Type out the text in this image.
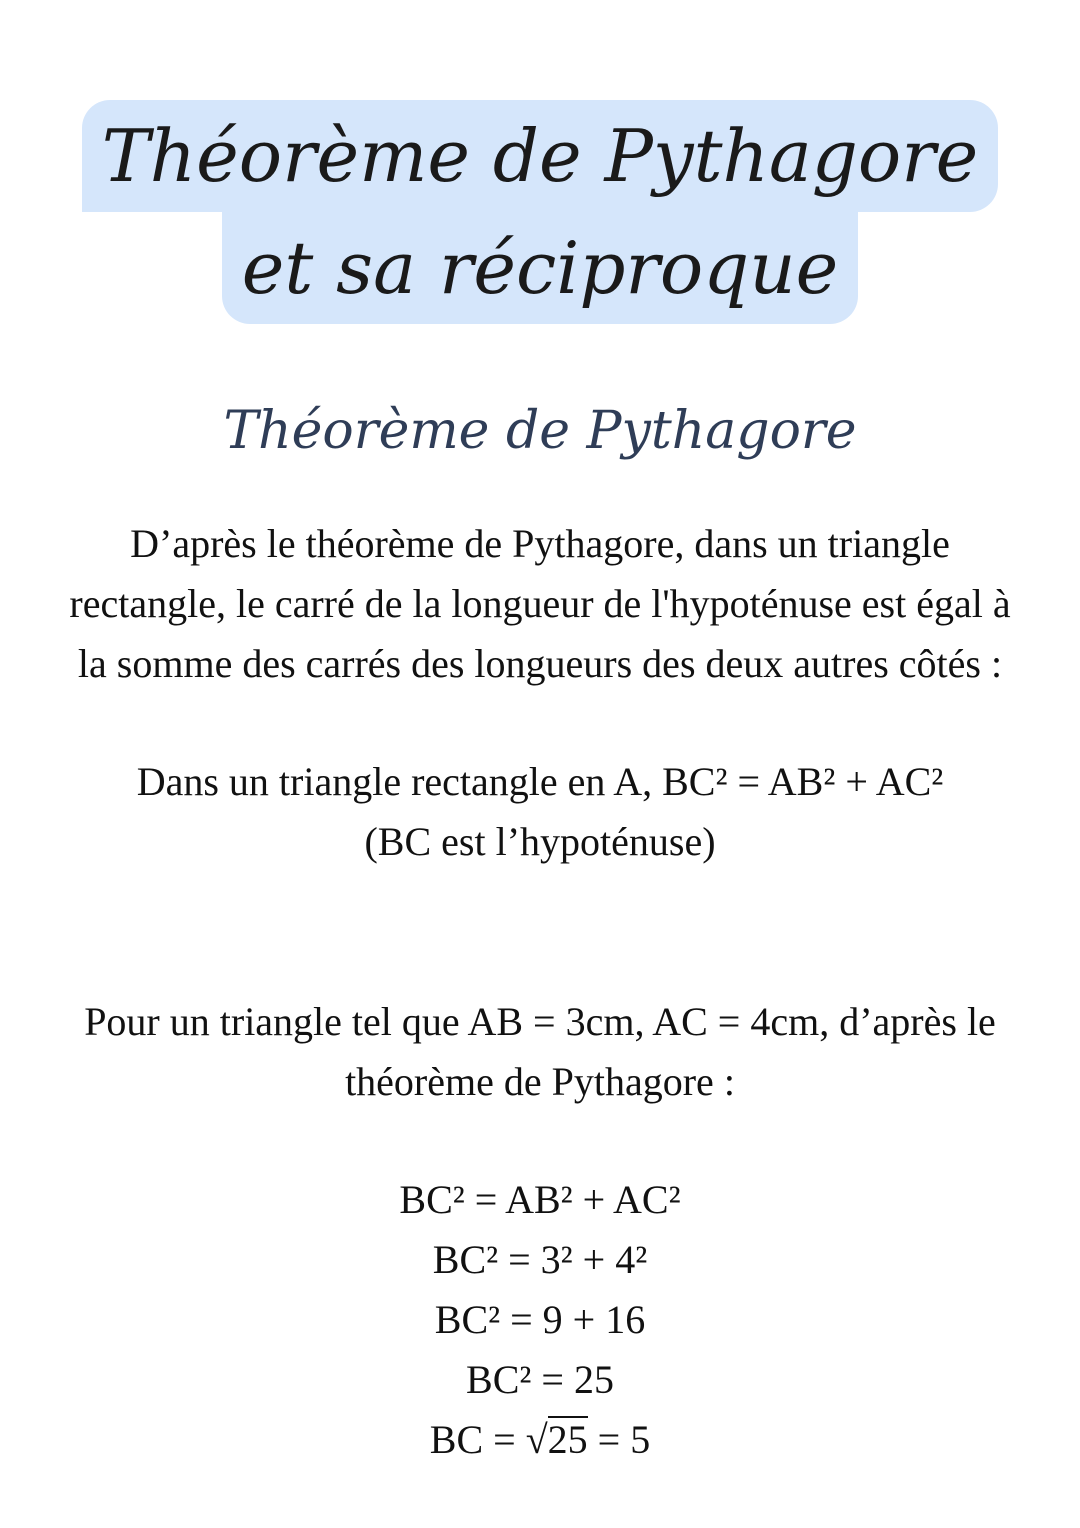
Théorème de Pythagore
et sa réciproque
Théorème de Pythagore
D’après le théorème de Pythagore, dans un triangle
rectangle, le carré de la longueur de l'hypoténuse est égal à
la somme des carrés des longueurs des deux autres côtés :
Dans un triangle rectangle en A, BC² = AB² + AC²
(BC est l’hypoténuse)
Pour un triangle tel que AB = 3cm, AC = 4cm, d’après le
théorème de Pythagore :
BC² = AB² + AC²
BC² = 3² + 4²
BC² = 9 + 16
BC² = 25
BC = √25 = 5
